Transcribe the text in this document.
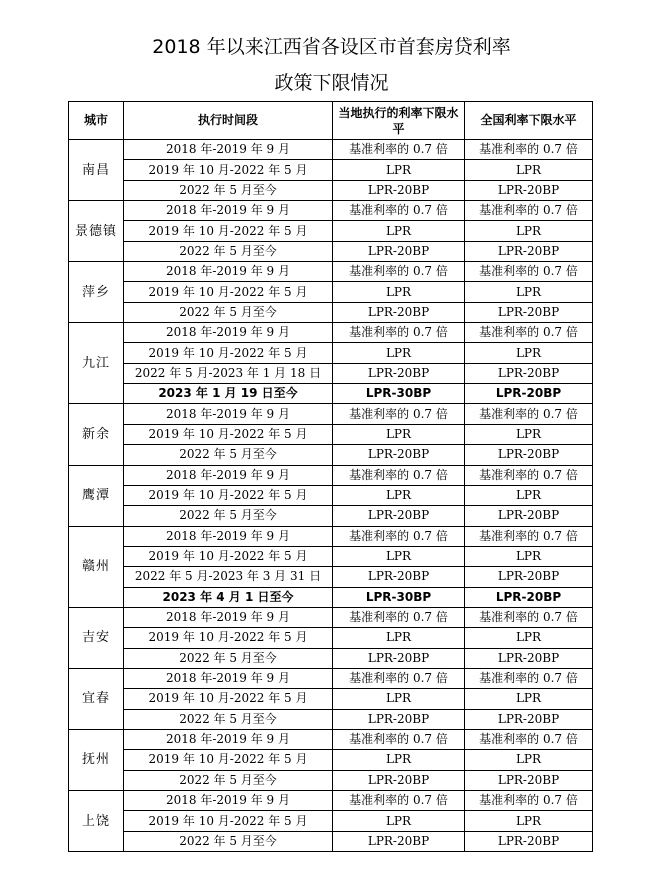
2018 年以来江西省各设区市首套房贷利率
政策下限情况
城市	执行时间段	当地执行的利率下限水平	全国利率下限水平
南昌	2018 年-2019 年 9 月	基准利率的 0.7 倍	基准利率的 0.7 倍
	2019 年 10 月-2022 年 5 月	LPR	LPR
	2022 年 5 月至今	LPR-20BP	LPR-20BP
景德镇	2018 年-2019 年 9 月	基准利率的 0.7 倍	基准利率的 0.7 倍
	2019 年 10 月-2022 年 5 月	LPR	LPR
	2022 年 5 月至今	LPR-20BP	LPR-20BP
萍乡	2018 年-2019 年 9 月	基准利率的 0.7 倍	基准利率的 0.7 倍
	2019 年 10 月-2022 年 5 月	LPR	LPR
	2022 年 5 月至今	LPR-20BP	LPR-20BP
九江	2018 年-2019 年 9 月	基准利率的 0.7 倍	基准利率的 0.7 倍
	2019 年 10 月-2022 年 5 月	LPR	LPR
	2022 年 5 月-2023 年 1 月 18 日	LPR-20BP	LPR-20BP
	2023 年 1 月 19 日至今	LPR-30BP	LPR-20BP
新余	2018 年-2019 年 9 月	基准利率的 0.7 倍	基准利率的 0.7 倍
	2019 年 10 月-2022 年 5 月	LPR	LPR
	2022 年 5 月至今	LPR-20BP	LPR-20BP
鹰潭	2018 年-2019 年 9 月	基准利率的 0.7 倍	基准利率的 0.7 倍
	2019 年 10 月-2022 年 5 月	LPR	LPR
	2022 年 5 月至今	LPR-20BP	LPR-20BP
赣州	2018 年-2019 年 9 月	基准利率的 0.7 倍	基准利率的 0.7 倍
	2019 年 10 月-2022 年 5 月	LPR	LPR
	2022 年 5 月-2023 年 3 月 31 日	LPR-20BP	LPR-20BP
	2023 年 4 月 1 日至今	LPR-30BP	LPR-20BP
吉安	2018 年-2019 年 9 月	基准利率的 0.7 倍	基准利率的 0.7 倍
	2019 年 10 月-2022 年 5 月	LPR	LPR
	2022 年 5 月至今	LPR-20BP	LPR-20BP
宜春	2018 年-2019 年 9 月	基准利率的 0.7 倍	基准利率的 0.7 倍
	2019 年 10 月-2022 年 5 月	LPR	LPR
	2022 年 5 月至今	LPR-20BP	LPR-20BP
抚州	2018 年-2019 年 9 月	基准利率的 0.7 倍	基准利率的 0.7 倍
	2019 年 10 月-2022 年 5 月	LPR	LPR
	2022 年 5 月至今	LPR-20BP	LPR-20BP
上饶	2018 年-2019 年 9 月	基准利率的 0.7 倍	基准利率的 0.7 倍
	2019 年 10 月-2022 年 5 月	LPR	LPR
	2022 年 5 月至今	LPR-20BP	LPR-20BP
